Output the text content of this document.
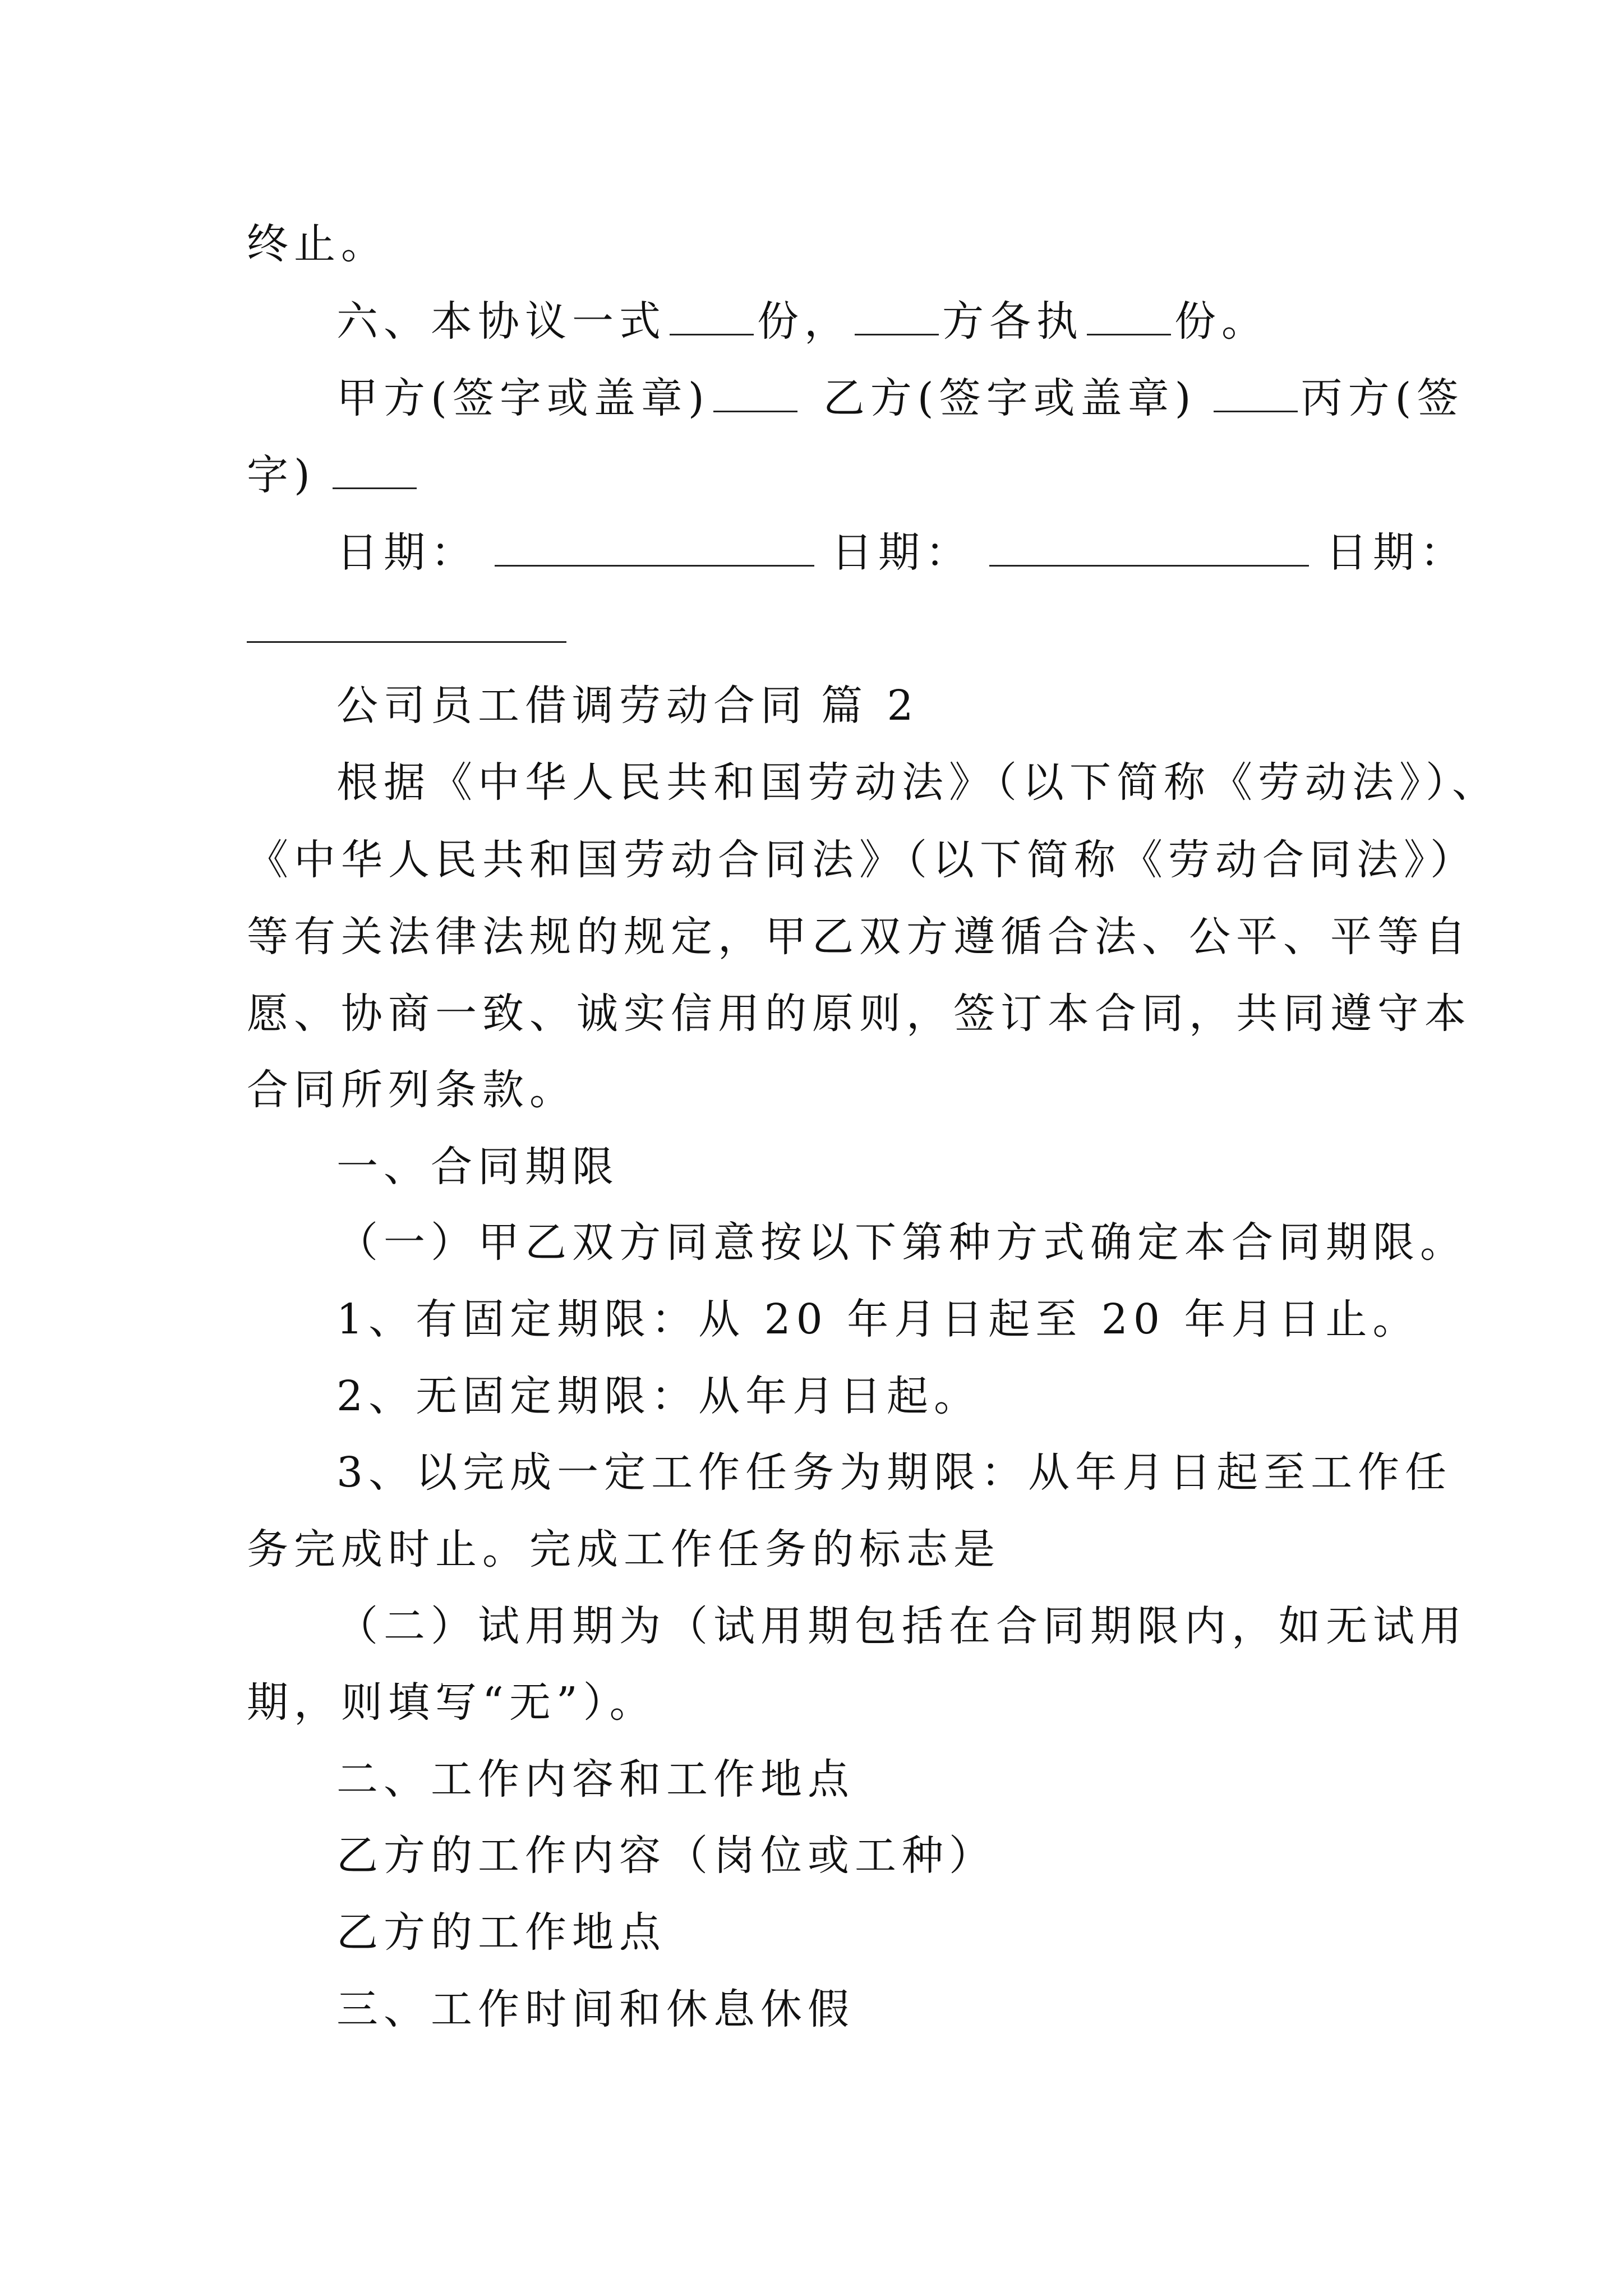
终止。
六、本协议一式 份， 方各执 份。
甲方(签字或盖章)	乙方(签字或盖章)	丙方(签
字)
日期：	日期：	日期：
公司员工借调劳动合同 篇 2
根据《中华人民共和国劳动法》（以下简称《劳动法》）、
《中华人民共和国劳动合同法》（以下简称《劳动合同法》）
等有关法律法规的规定，甲乙双方遵循合法、公平、平等自
愿、协商一致、诚实信用的原则，签订本合同，共同遵守本
合同所列条款。
一、合同期限
（一）甲乙双方同意按以下第种方式确定本合同期限。
1、有固定期限：从 20 年月日起至 20 年月日止。
2、无固定期限：从年月日起。
3、以完成一定工作任务为期限：从年月日起至工作任
务完成时止。完成工作任务的标志是
（二）试用期为（试用期包括在合同期限内，如无试用
期，则填写“无”）。
二、工作内容和工作地点
乙方的工作内容（岗位或工种）
乙方的工作地点
三、工作时间和休息休假
